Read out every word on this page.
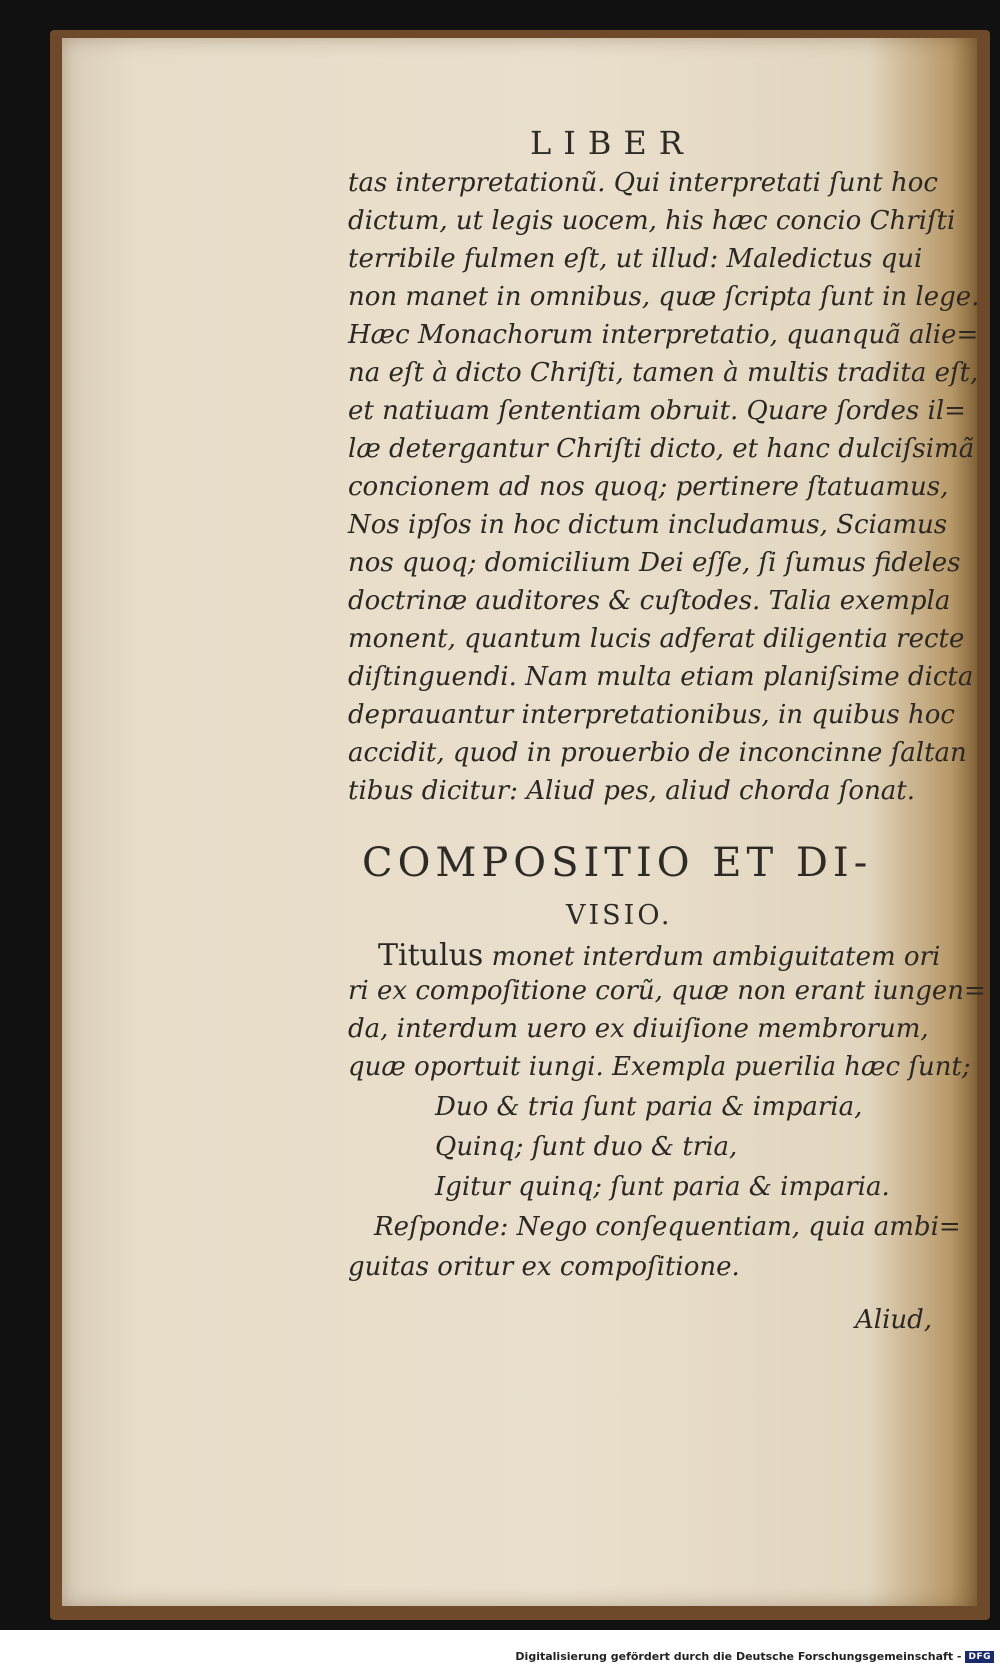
LIBER
tas interpretationũ. Qui interpretati ſunt hoc
dictum, ut legis uocem, his hæc concio Chriſti
terribile fulmen eſt, ut illud: Maledictus qui
non manet in omnibus, quæ ſcripta ſunt in lege.
Hæc Monachorum interpretatio, quanquã alie=
na eſt à dicto Chriſti, tamen à multis tradita eſt,
et natiuam ſententiam obruit. Quare ſordes il=
læ detergantur Chriſti dicto, et hanc dulciſsimã
concionem ad nos quoq; pertinere ſtatuamus,
Nos ipſos in hoc dictum includamus, Sciamus
nos quoq; domicilium Dei eſſe, ſi ſumus fideles
doctrinæ auditores & cuſtodes. Talia exempla
monent, quantum lucis adferat diligentia recte
diſtinguendi. Nam multa etiam planiſsime dicta
deprauantur interpretationibus, in quibus hoc
accidit, quod in prouerbio de inconcinne ſaltan
tibus dicitur: Aliud pes, aliud chorda ſonat.
COMPOSITIO ET DI-
VISIO.
Titulus monet interdum ambiguitatem ori
ri ex compoſitione corũ, quæ non erant iungen=
da, interdum uero ex diuiſione membrorum,
quæ oportuit iungi. Exempla puerilia hæc ſunt;
Duo & tria ſunt paria & imparia,
Quinq; ſunt duo & tria,
Igitur quinq; ſunt paria & imparia.
Reſponde: Nego conſequentiam, quia ambi=
guitas oritur ex compoſitione.
Aliud,
Digitalisierung gefördert durch die Deutsche Forschungsgemeinschaft - DFG
